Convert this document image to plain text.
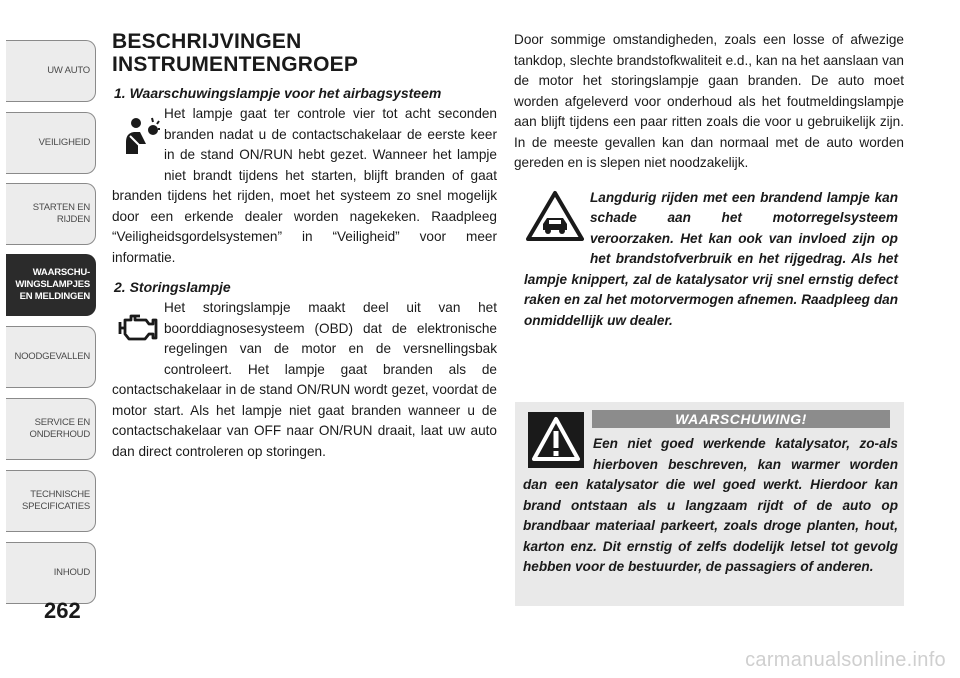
UW AUTO
VEILIGHEID
STARTEN EN
RIJDEN
WAARSCHU-
WINGSLAMPJES
EN MELDINGEN
NOODGEVALLEN
SERVICE EN
ONDERHOUD
TECHNISCHE
SPECIFICATIES
INHOUD
262
BESCHRIJVINGEN
INSTRUMENTENGROEP
1. Waarschuwingslampje voor het airbagsysteem

Het lampje gaat ter controle vier tot acht seconden branden nadat u de contactschakelaar de eerste keer in de stand ON/RUN hebt gezet. Wanneer het lampje niet brandt tijdens het starten, blijft branden of gaat branden tijdens het rijden, moet het systeem zo snel mogelijk door een erkende dealer worden nagekeken. Raadpleeg “Veiligheidsgordelsystemen” in “Veiligheid” voor meer informatie.

2. Storingslampje

Het storingslampje maakt deel uit van het boorddiagnosesysteem (OBD) dat de elektronische regelingen van de motor en de versnellingsbak controleert. Het lampje gaat branden als de contactschakelaar in de stand ON/RUN wordt gezet, voordat de motor start. Als het lampje niet gaat branden wanneer u de contactschakelaar van OFF naar ON/RUN draait, laat uw auto dan direct controleren op storingen.

Door sommige omstandigheden, zoals een losse of afwezige tankdop, slechte brandstofkwaliteit e.d., kan na het aanslaan van de motor het storingslampje gaan branden. De auto moet worden afgeleverd voor onderhoud als het foutmeldingslampje aan blijft tijdens een paar ritten zoals die voor u gebruikelijk zijn. In de meeste gevallen kan dan normaal met de auto worden gereden en is slepen niet noodzakelijk.

Langdurig rijden met een brandend lampje kan schade aan het motorregelsysteem veroorzaken. Het kan ook van invloed zijn op het brandstofverbruik en het rijgedrag. Als het lampje knippert, zal de katalysator vrij snel ernstig defect raken en zal het motorvermogen afnemen. Raadpleeg dan onmiddellijk uw dealer.

WAARSCHUWING!

Een niet goed werkende katalysator, zo-als hierboven beschreven, kan warmer worden dan een katalysator die wel goed werkt. Hierdoor kan brand ontstaan als u langzaam rijdt of de auto op brandbaar materiaal parkeert, zoals droge planten, hout, karton enz. Dit ernstig of zelfs dodelijk letsel tot gevolg hebben voor de bestuurder, de passagiers of anderen.

carmanualsonline.info
